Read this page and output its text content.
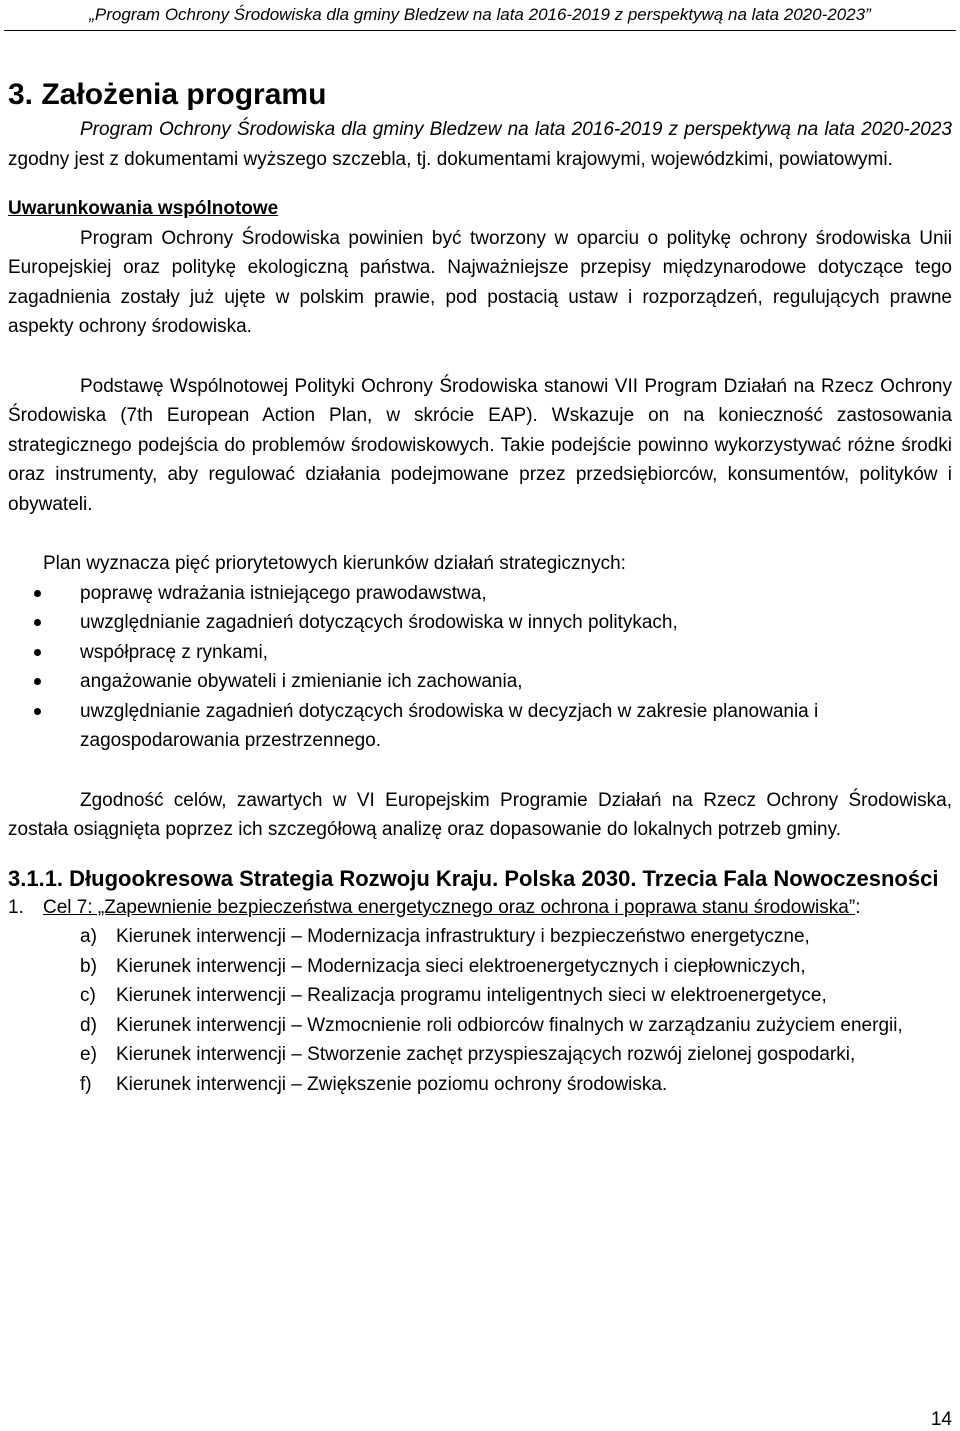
„Program Ochrony Środowiska dla gminy Bledzew na lata 2016-2019 z perspektywą na lata 2020-2023”
3. Założenia programu

Program Ochrony Środowiska dla gminy Bledzew na lata 2016-2019 z perspektywą na lata 2020-2023 zgodny jest z dokumentami wyższego szczebla, tj. dokumentami krajowymi, wojewódzkimi, powiatowymi.

Uwarunkowania wspólnotowe

Program Ochrony Środowiska powinien być tworzony w oparciu o politykę ochrony środowiska Unii Europejskiej oraz politykę ekologiczną państwa. Najważniejsze przepisy międzynarodowe dotyczące tego zagadnienia zostały już ujęte w polskim prawie, pod postacią ustaw i rozporządzeń, regulujących prawne aspekty ochrony środowiska.

Podstawę Wspólnotowej Polityki Ochrony Środowiska stanowi VII Program Działań na Rzecz Ochrony Środowiska (7th European Action Plan, w skrócie EAP). Wskazuje on na konieczność zastosowania strategicznego podejścia do problemów środowiskowych. Takie podejście powinno wykorzystywać różne środki oraz instrumenty, aby regulować działania podejmowane przez przedsiębiorców, konsumentów, polityków i obywateli.

Plan wyznacza pięć priorytetowych kierunków działań strategicznych:

poprawę wdrażania istniejącego prawodawstwa,
uwzględnianie zagadnień dotyczących środowiska w innych politykach,
współpracę z rynkami,
angażowanie obywateli i zmienianie ich zachowania,
uwzględnianie zagadnień dotyczących środowiska w decyzjach w zakresie planowania i zagospodarowania przestrzennego.

Zgodność celów, zawartych w VI Europejskim Programie Działań na Rzecz Ochrony Środowiska, została osiągnięta poprzez ich szczegółową analizę oraz dopasowanie do lokalnych potrzeb gminy.

3.1.1. Długookresowa Strategia Rozwoju Kraju. Polska 2030. Trzecia Fala Nowoczesności

1. Cel 7: „Zapewnienie bezpieczeństwa energetycznego oraz ochrona i poprawa stanu środowiska”:

a) Kierunek interwencji – Modernizacja infrastruktury i bezpieczeństwo energetyczne,
b) Kierunek interwencji – Modernizacja sieci elektroenergetycznych i ciepłowniczych,
c) Kierunek interwencji – Realizacja programu inteligentnych sieci w elektroenergetyce,
d) Kierunek interwencji – Wzmocnienie roli odbiorców finalnych w zarządzaniu zużyciem energii,
e) Kierunek interwencji – Stworzenie zachęt przyspieszających rozwój zielonej gospodarki,
f) Kierunek interwencji – Zwiększenie poziomu ochrony środowiska.
14
